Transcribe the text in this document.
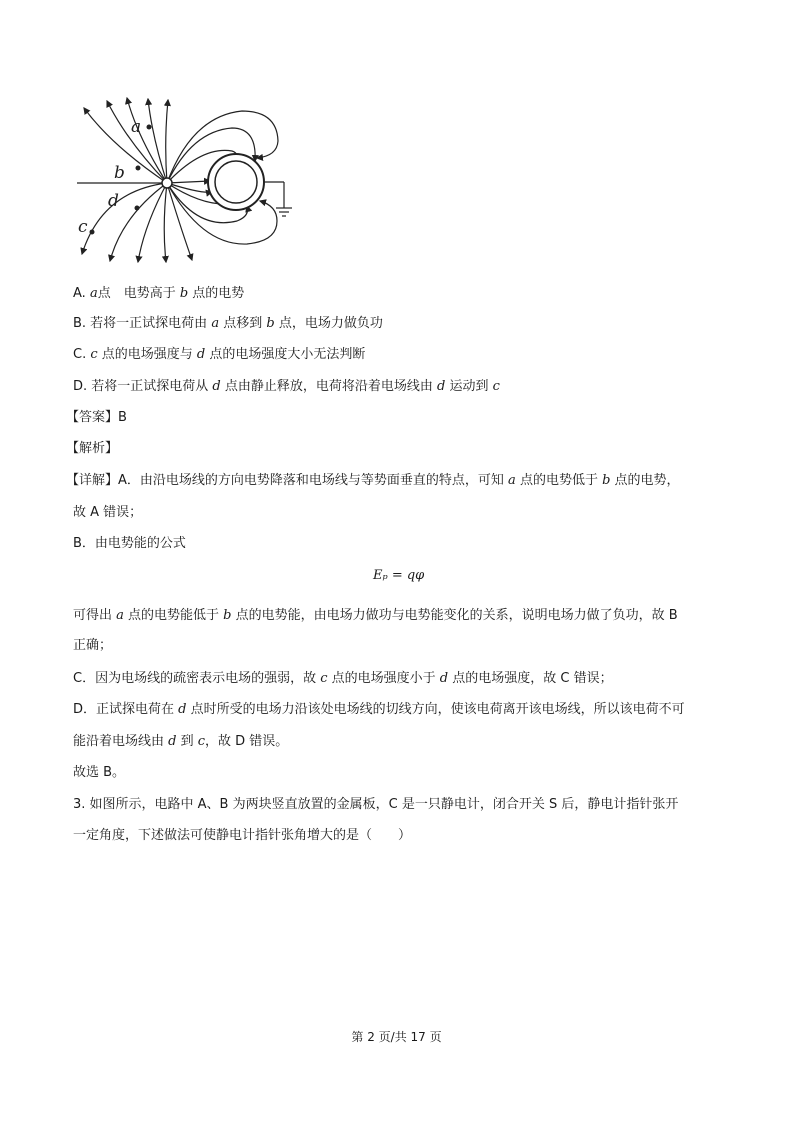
a
b
d
c
A. a点　电势高于 b 点的电势
B. 若将一正试探电荷由 a 点移到 b 点，电场力做负功
C. c 点的电场强度与 d 点的电场强度大小无法判断
D. 若将一正试探电荷从 d 点由静止释放，电荷将沿着电场线由 d 运动到 c
【答案】B
【解析】
【详解】A．由沿电场线的方向电势降落和电场线与等势面垂直的特点，可知 a 点的电势低于 b 点的电势，
故 A 错误；
B．由电势能的公式
Eₚ = qφ
可得出 a 点的电势能低于 b 点的电势能，由电场力做功与电势能变化的关系，说明电场力做了负功，故 B
正确；
C．因为电场线的疏密表示电场的强弱，故 c 点的电场强度小于 d 点的电场强度，故 C 错误；
D．正试探电荷在 d 点时所受的电场力沿该处电场线的切线方向，使该电荷离开该电场线，所以该电荷不可
能沿着电场线由 d 到 c，故 D 错误。
故选 B。
3. 如图所示，电路中 A、B 为两块竖直放置的金属板，C 是一只静电计，闭合开关 S 后，静电计指针张开
一定角度，下述做法可使静电计指针张角增大的是（　　）
第 2 页/共 17 页
